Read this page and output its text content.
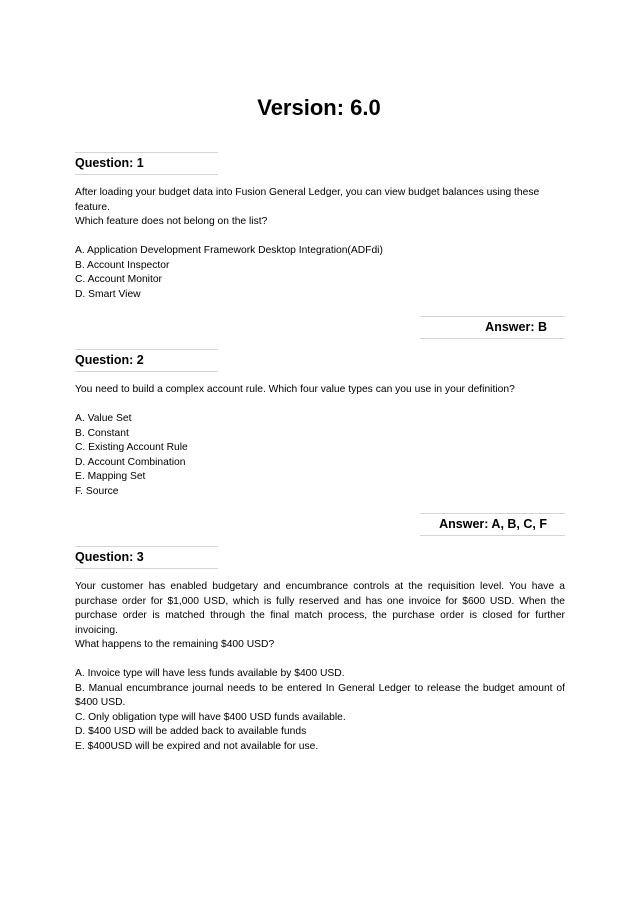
Version: 6.0
Question: 1

After loading your budget data into Fusion General Ledger, you can view budget balances using these feature.

Which feature does not belong on the list?

A. Application Development Framework Desktop Integration(ADFdi)

B. Account Inspector

C. Account Monitor

D. Smart View

Answer: B
Question: 2

You need to build a complex account rule. Which four value types can you use in your definition?

A. Value Set

B. Constant

C. Existing Account Rule

D. Account Combination

E. Mapping Set

F. Source

Answer: A, B, C, F
Question: 3

Your customer has enabled budgetary and encumbrance controls at the requisition level. You have a purchase order for $1,000 USD, which is fully reserved and has one invoice for $600 USD. When the purchase order is matched through the final match process, the purchase order is closed for further invoicing.

What happens to the remaining $400 USD?

A. Invoice type will have less funds available by $400 USD.

B. Manual encumbrance journal needs to be entered In General Ledger to release the budget amount of $400 USD.

C. Only obligation type will have $400 USD funds available.

D. $400 USD will be added back to available funds

E. $400USD will be expired and not available for use.
